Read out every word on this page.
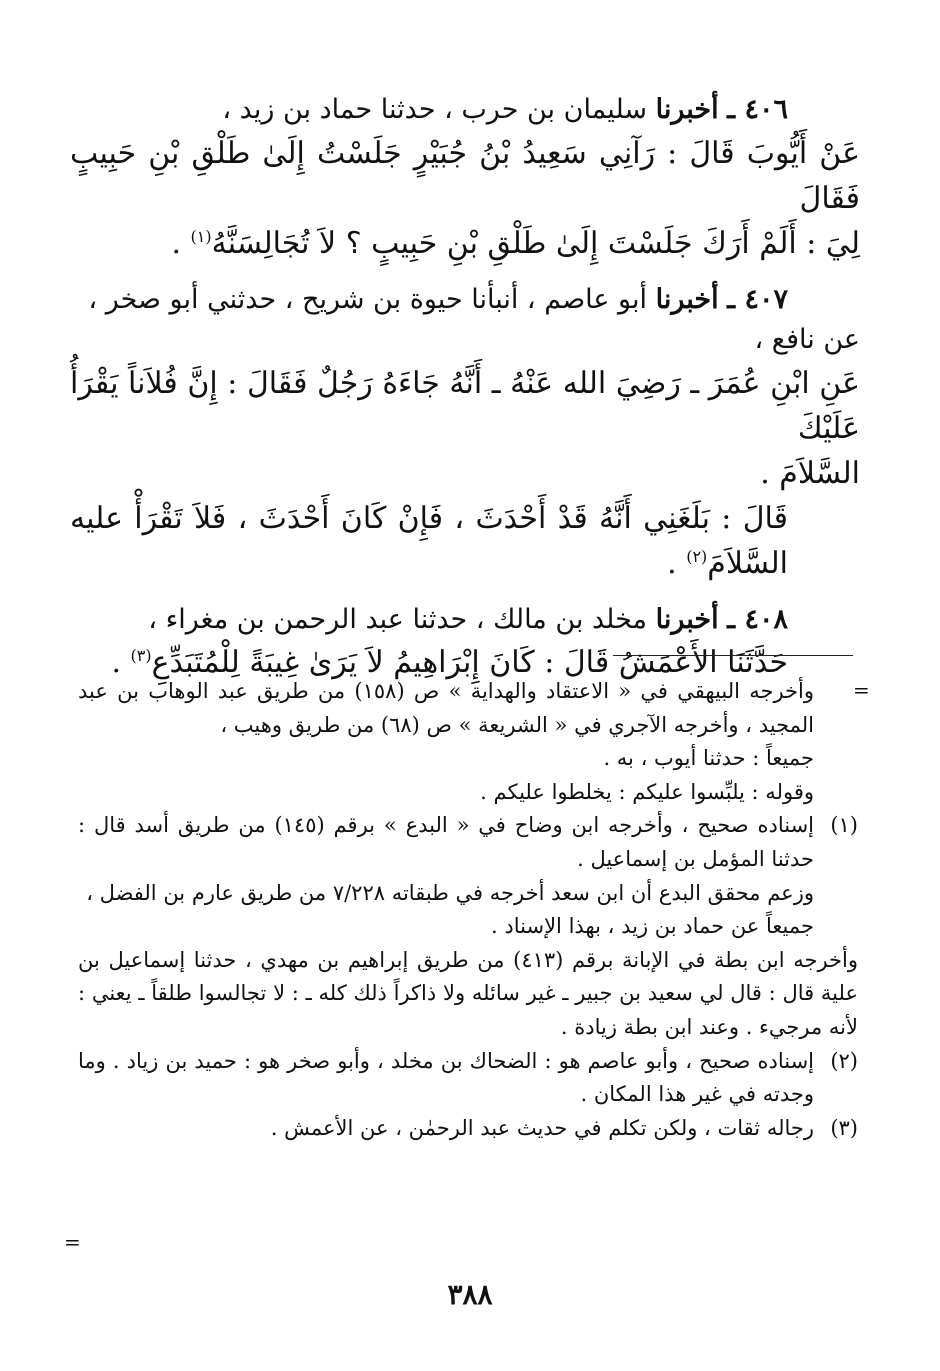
٤٠٦ ـ أخبرنا سليمان بن حرب ، حدثنا حماد بن زيد ،
عَنْ أَيُّوبَ قَالَ : رَآنِي سَعِيدُ بْنُ جُبَيْرٍ جَلَسْتُ إِلَىٰ طَلْقِ بْنِ حَبِيبٍ فَقَالَ
لِيَ : أَلَمْ أَرَكَ جَلَسْتَ إِلَىٰ طَلْقِ بْنِ حَبِيبٍ ؟ لاَ تُجَالِسَنَّهُ$^{(١)}$ .
٤٠٧ ـ أخبرنا أبو عاصم ، أنبأنا حيوة بن شريح ، حدثني أبو صخر ،
عن نافع ،
عَنِ ابْنِ عُمَرَ ـ رَضِيَ الله عَنْهُ ـ أَنَّهُ جَاءَهُ رَجُلٌ فَقَالَ : إِنَّ فُلاَناً يَقْرَأُ عَلَيْكَ
السَّلاَمَ .
قَالَ : بَلَغَنِي أَنَّهُ قَدْ أَحْدَثَ ، فَإِنْ كَانَ أَحْدَثَ ، فَلاَ تَقْرَأْ عليه السَّلاَمَ$^{(٢)}$ .
٤٠٨ ـ أخبرنا مخلد بن مالك ، حدثنا عبد الرحمن بن مغراء ،
حَدَّثَنَا الأَعْمَشُ قَالَ : كَانَ إِبْرَاهِيمُ لاَ يَرَىٰ غِيبَةً لِلْمُتَبَدِّعِ$^{(٣)}$ .
=
وأخرجه البيهقي في « الاعتقاد والهداية » ص (١٥٨) من طريق عبد الوهاب بن عبد المجيد ، وأخرجه الآجري في « الشريعة » ص (٦٨) من طريق وهيب ،
جميعاً : حدثنا أيوب ، به .
وقوله : يلبِّسوا عليكم : يخلطوا عليكم .
(١)
إسناده صحيح ، وأخرجه ابن وضاح في « البدع » برقم (١٤٥) من طريق أسد قال : حدثنا المؤمل بن إسماعيل .
وزعم محقق البدع أن ابن سعد أخرجه في طبقاته ٧/٢٢٨ من طريق عارم بن الفضل ،
جميعاً عن حماد بن زيد ، بهذا الإسناد .
وأخرجه ابن بطة في الإبانة برقم (٤١٣) من طريق إبراهيم بن مهدي ، حدثنا إسماعيل بن علية قال : قال لي سعيد بن جبير ـ غير سائله ولا ذاكراً ذلك كله ـ : لا تجالسوا طلقاً ـ يعني : لأنه مرجيء . وعند ابن بطة زيادة .
(٢)
إسناده صحيح ، وأبو عاصم هو : الضحاك بن مخلد ، وأبو صخر هو : حميد بن زياد . وما وجدته في غير هذا المكان .
(٣)
رجاله ثقات ، ولكن تكلم في حديث عبد الرحمٰن ، عن الأعمش .
=
٣٨٨
